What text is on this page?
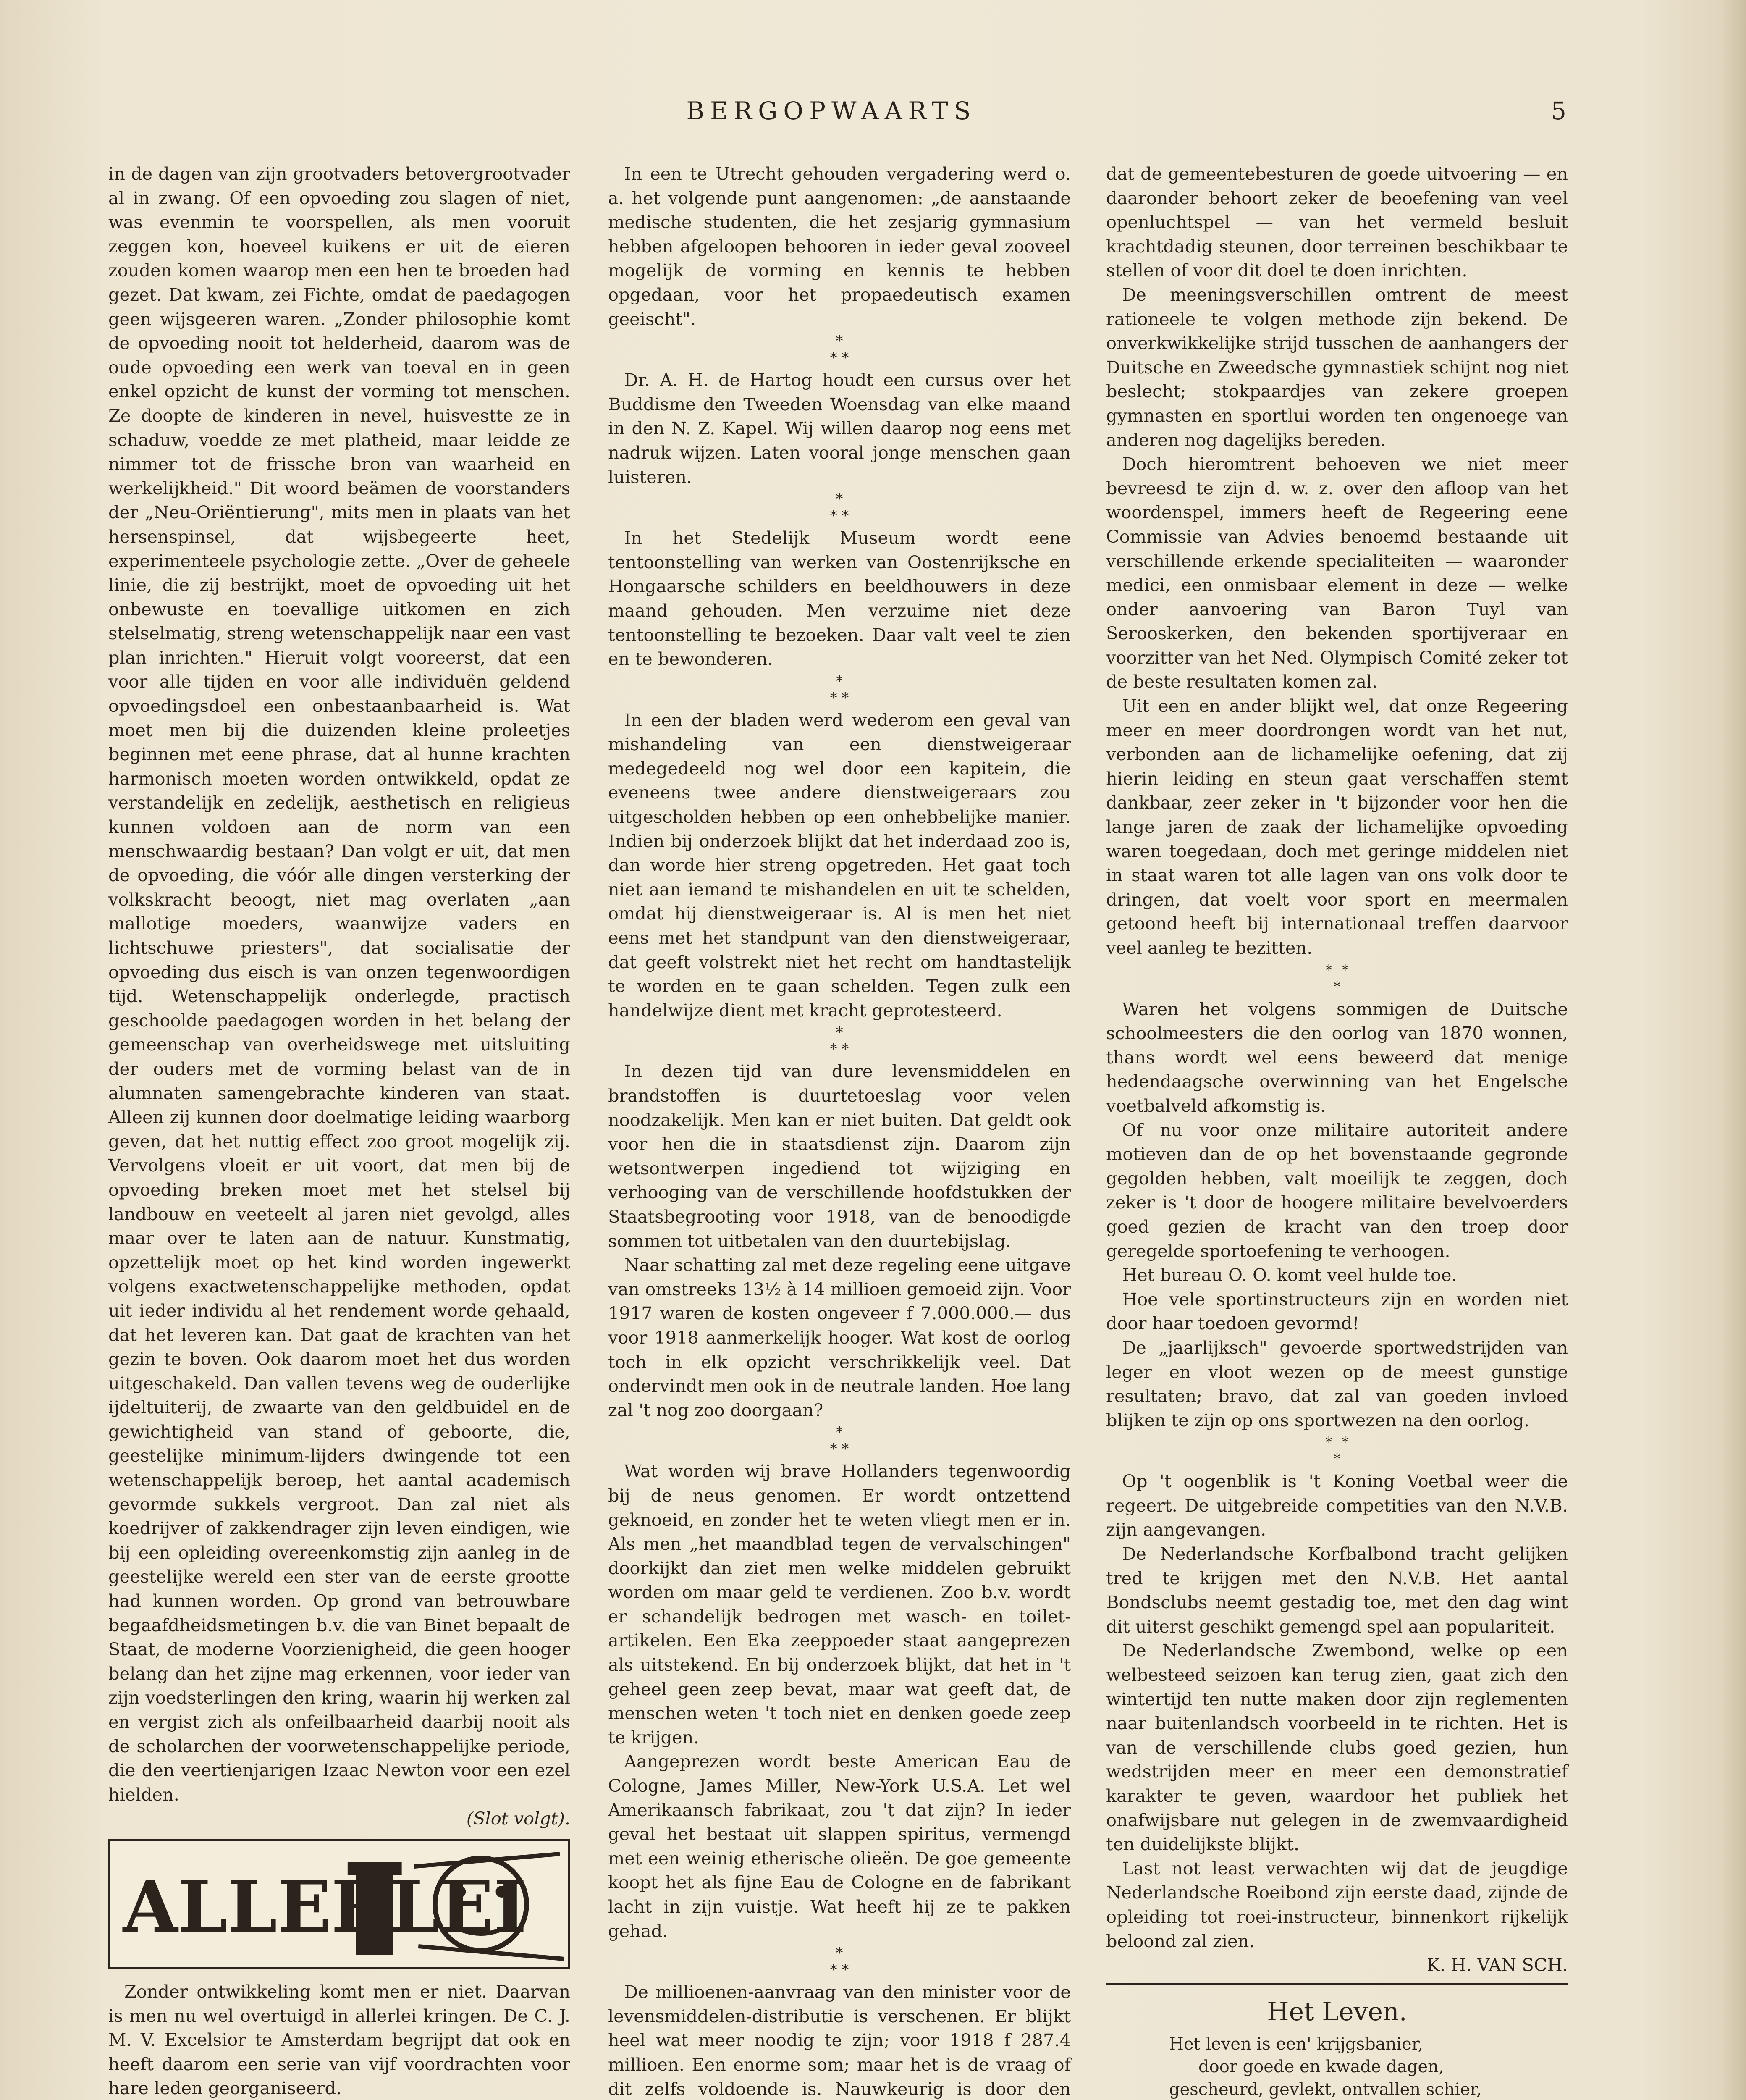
BERGOPWAARTS	5

in de dagen van zijn grootvaders betovergrootvader al in zwang. Of een opvoeding zou slagen of niet, was evenmin te voorspellen, als men vooruit zeggen kon, hoeveel kuikens er uit de eieren zouden komen waarop men een hen te broeden had gezet. Dat kwam, zei Fichte, omdat de paedagogen geen wijsgeeren waren. „Zonder philosophie komt de opvoeding nooit tot helderheid, daarom was de oude opvoeding een werk van toeval en in geen enkel opzicht de kunst der vorming tot menschen. Ze doopte de kinderen in nevel, huisvestte ze in schaduw, voedde ze met platheid, maar leidde ze nimmer tot de frissche bron van waarheid en werkelijkheid." Dit woord beämen de voorstanders der „Neu-Oriëntierung", mits men in plaats van het hersenspinsel, dat wijsbegeerte heet, experimenteele psychologie zette. „Over de geheele linie, die zij bestrijkt, moet de opvoeding uit het onbewuste en toevallige uitkomen en zich stelselmatig, streng wetenschappelijk naar een vast plan inrichten." Hieruit volgt vooreerst, dat een voor alle tijden en voor alle individuën geldend opvoedingsdoel een onbestaanbaarheid is. Wat moet men bij die duizenden kleine proleetjes beginnen met eene phrase, dat al hunne krachten harmonisch moeten worden ontwikkeld, opdat ze verstandelijk en zedelijk, aesthetisch en religieus kunnen voldoen aan de norm van een menschwaardig bestaan? Dan volgt er uit, dat men de opvoeding, die vóór alle dingen versterking der volkskracht beoogt, niet mag overlaten „aan mallotige moeders, waanwijze vaders en lichtschuwe priesters", dat socialisatie der opvoeding dus eisch is van onzen tegenwoordigen tijd. Wetenschappelijk onderlegde, practisch geschoolde paedagogen worden in het belang der gemeenschap van overheidswege met uitsluiting der ouders met de vorming belast van de in alumnaten samengebrachte kinderen van staat. Alleen zij kunnen door doelmatige leiding waarborg geven, dat het nuttig effect zoo groot mogelijk zij. Vervolgens vloeit er uit voort, dat men bij de opvoeding breken moet met het stelsel bij landbouw en veeteelt al jaren niet gevolgd, alles maar over te laten aan de natuur. Kunstmatig, opzettelijk moet op het kind worden ingewerkt volgens exactwetenschappelijke methoden, opdat uit ieder individu al het rendement worde gehaald, dat het leveren kan. Dat gaat de krachten van het gezin te boven. Ook daarom moet het dus worden uitgeschakeld. Dan vallen tevens weg de ouderlijke ijdeltuiterij, de zwaarte van den geldbuidel en de gewichtigheid van stand of geboorte, die, geestelijke minimum-lijders dwingende tot een wetenschappelijk beroep, het aantal academisch gevormde sukkels vergroot. Dan zal niet als koedrijver of zakkendrager zijn leven eindigen, wie bij een opleiding overeenkomstig zijn aanleg in de geestelijke wereld een ster van de eerste grootte had kunnen worden. Op grond van betrouwbare begaafdheidsmetingen b.v. die van Binet bepaalt de Staat, de moderne Voorzienigheid, die geen hooger belang dan het zijne mag erkennen, voor ieder van zijn voedsterlingen den kring, waarin hij werken zal en vergist zich als onfeilbaarheid daarbij nooit als de scholarchen der voorwetenschappelijke periode, die den veertienjarigen Izaac Newton voor een ezel hielden.

(Slot volgt).
ALLERLEI

Zonder ontwikkeling komt men er niet. Daarvan is men nu wel overtuigd in allerlei kringen. De C. J. M. V. Excelsior te Amsterdam begrijpt dat ook en heeft daarom een serie van vijf voordrachten voor hare leden georganiseerd.

In een te Utrecht gehouden vergadering werd o. a. het volgende punt aangenomen: „de aanstaande medische studenten, die het zesjarig gymnasium hebben afgeloopen behooren in ieder geval zooveel mogelijk de vorming en kennis te hebben opgedaan, voor het propaedeutisch examen geeischt".

*
* *

Dr. A. H. de Hartog houdt een cursus over het Buddisme den Tweeden Woensdag van elke maand in den N. Z. Kapel. Wij willen daarop nog eens met nadruk wijzen. Laten vooral jonge menschen gaan luisteren.

*
* *

In het Stedelijk Museum wordt eene tentoonstelling van werken van Oostenrijksche en Hongaarsche schilders en beeldhouwers in deze maand gehouden. Men verzuime niet deze tentoonstelling te bezoeken. Daar valt veel te zien en te bewonderen.

*
* *

In een der bladen werd wederom een geval van mishandeling van een dienstweigeraar medegedeeld nog wel door een kapitein, die eveneens twee andere dienstweigeraars zou uitgescholden hebben op een onhebbelijke manier. Indien bij onderzoek blijkt dat het inderdaad zoo is, dan worde hier streng opgetreden. Het gaat toch niet aan iemand te mishandelen en uit te schelden, omdat hij dienstweigeraar is. Al is men het niet eens met het standpunt van den dienstweigeraar, dat geeft volstrekt niet het recht om handtastelijk te worden en te gaan schelden. Tegen zulk een handelwijze dient met kracht geprotesteerd.

*
* *

In dezen tijd van dure levensmiddelen en brandstoffen is duurtetoeslag voor velen noodzakelijk. Men kan er niet buiten. Dat geldt ook voor hen die in staatsdienst zijn. Daarom zijn wetsontwerpen ingediend tot wijziging en verhooging van de verschillende hoofdstukken der Staatsbegrooting voor 1918, van de benoodigde sommen tot uitbetalen van den duurtebijslag.

Naar schatting zal met deze regeling eene uitgave van omstreeks 13½ à 14 millioen gemoeid zijn. Voor 1917 waren de kosten ongeveer f 7.000.000.— dus voor 1918 aanmerkelijk hooger. Wat kost de oorlog toch in elk opzicht verschrikkelijk veel. Dat ondervindt men ook in de neutrale landen. Hoe lang zal 't nog zoo doorgaan?

*
* *

Wat worden wij brave Hollanders tegenwoordig bij de neus genomen. Er wordt ontzettend geknoeid, en zonder het te weten vliegt men er in. Als men „het maandblad tegen de vervalschingen" doorkijkt dan ziet men welke middelen gebruikt worden om maar geld te verdienen. Zoo b.v. wordt er schandelijk bedrogen met wasch- en toilet-artikelen. Een Eka zeeppoeder staat aangeprezen als uitstekend. En bij onderzoek blijkt, dat het in 't geheel geen zeep bevat, maar wat geeft dat, de menschen weten 't toch niet en denken goede zeep te krijgen.

Aangeprezen wordt beste American Eau de Cologne, James Miller, New-York U.S.A. Let wel Amerikaansch fabrikaat, zou 't dat zijn? In ieder geval het bestaat uit slappen spiritus, vermengd met een weinig etherische olieën. De goe gemeente koopt het als fijne Eau de Cologne en de fabrikant lacht in zijn vuistje. Wat heeft hij ze te pakken gehad.

*
* *

De millioenen-aanvraag van den minister voor de levensmiddelen-distributie is verschenen. Er blijkt heel wat meer noodig te zijn; voor 1918 f 287.4 millioen. Een enorme som; maar het is de vraag of dit zelfs voldoende is. Nauwkeurig is door den

dat de gemeentebesturen de goede uitvoering — en daaronder behoort zeker de beoefening van veel openluchtspel — van het vermeld besluit krachtdadig steunen, door terreinen beschikbaar te stellen of voor dit doel te doen inrichten.

De meeningsverschillen omtrent de meest rationeele te volgen methode zijn bekend. De onverkwikkelijke strijd tusschen de aanhangers der Duitsche en Zweedsche gymnastiek schijnt nog niet beslecht; stokpaardjes van zekere groepen gymnasten en sportlui worden ten ongenoege van anderen nog dagelijks bereden.

Doch hieromtrent behoeven we niet meer bevreesd te zijn d. w. z. over den afloop van het woordenspel, immers heeft de Regeering eene Commissie van Advies benoemd bestaande uit verschillende erkende specialiteiten — waaronder medici, een onmisbaar element in deze — welke onder aanvoering van Baron Tuyl van Serooskerken, den bekenden sportijveraar en voorzitter van het Ned. Olympisch Comité zeker tot de beste resultaten komen zal.

Uit een en ander blijkt wel, dat onze Regeering meer en meer doordrongen wordt van het nut, verbonden aan de lichamelijke oefening, dat zij hierin leiding en steun gaat verschaffen stemt dankbaar, zeer zeker in 't bijzonder voor hen die lange jaren de zaak der lichamelijke opvoeding waren toegedaan, doch met geringe middelen niet in staat waren tot alle lagen van ons volk door te dringen, dat voelt voor sport en meermalen getoond heeft bij internationaal treffen daarvoor veel aanleg te bezitten.

*  *
*

Waren het volgens sommigen de Duitsche schoolmeesters die den oorlog van 1870 wonnen, thans wordt wel eens beweerd dat menige hedendaagsche overwinning van het Engelsche voetbalveld afkomstig is.

Of nu voor onze militaire autoriteit andere motieven dan de op het bovenstaande gegronde gegolden hebben, valt moeilijk te zeggen, doch zeker is 't door de hoogere militaire bevelvoerders goed gezien de kracht van den troep door geregelde sportoefening te verhoogen.

Het bureau O. O. komt veel hulde toe.

Hoe vele sportinstructeurs zijn en worden niet door haar toedoen gevormd!

De „jaarlijksch" gevoerde sportwedstrijden van leger en vloot wezen op de meest gunstige resultaten; bravo, dat zal van goeden invloed blijken te zijn op ons sportwezen na den oorlog.

*  *
*

Op 't oogenblik is 't Koning Voetbal weer die regeert. De uitgebreide competities van den N.V.B. zijn aangevangen.

De Nederlandsche Korfbalbond tracht gelijken tred te krijgen met den N.V.B. Het aantal Bondsclubs neemt gestadig toe, met den dag wint dit uiterst geschikt gemengd spel aan populariteit.

De Nederlandsche Zwembond, welke op een welbesteed seizoen kan terug zien, gaat zich den wintertijd ten nutte maken door zijn reglementen naar buitenlandsch voorbeeld in te richten. Het is van de verschillende clubs goed gezien, hun wedstrijden meer en meer een demonstratief karakter te geven, waardoor het publiek het onafwijsbare nut gelegen in de zwemvaardigheid ten duidelijkste blijkt.

Last not least verwachten wij dat de jeugdige Nederlandsche Roeibond zijn eerste daad, zijnde de opleiding tot roei-instructeur, binnenkort rijkelijk beloond zal zien.

K. H. VAN SCH.
Het Leven.
Het leven is een' krijgsbanier,
door goede en kwade dagen,
gescheurd, gevlekt, ontvallen schier,
